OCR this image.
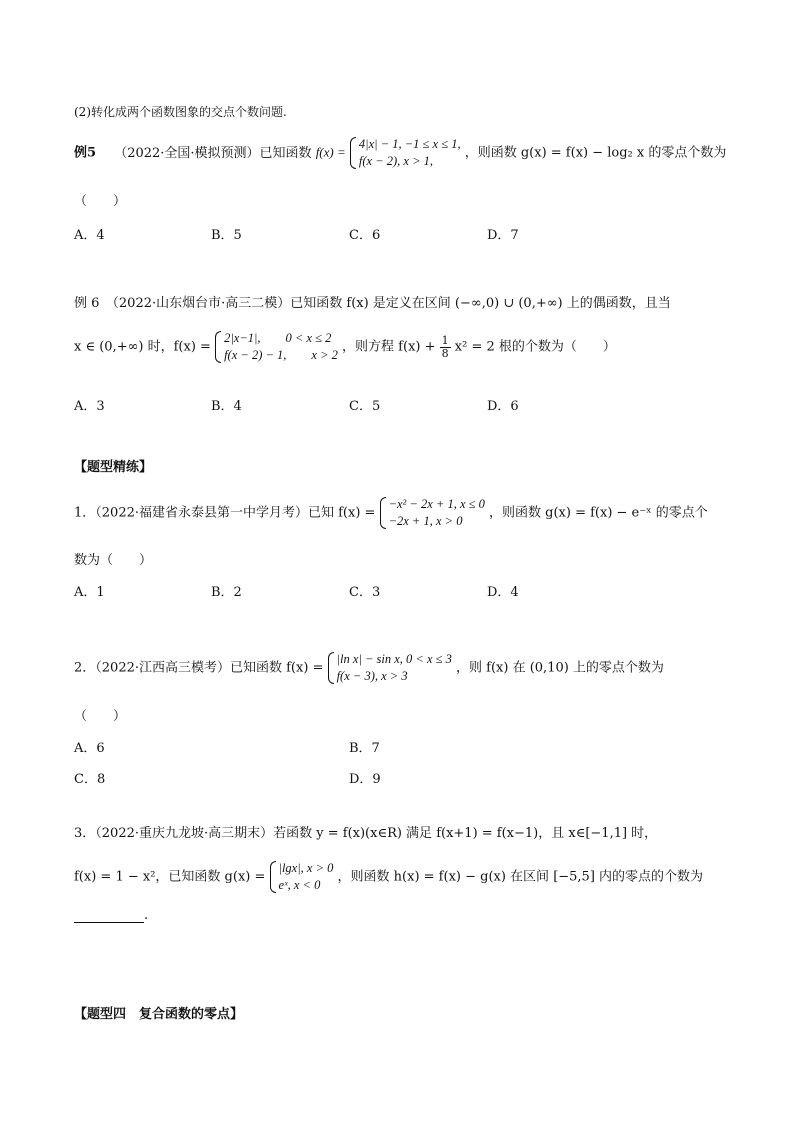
(2)转化成两个函数图象的交点个数问题.
例5 （2022·全国·模拟预测）已知函数 f(x) =
4|x| − 1, −1 ≤ x ≤ 1,
f(x − 2), x > 1,
，则函数 g(x) = f(x) − log₂ x 的零点个数为
（　　）
A．4	B．5	C．6	D．7
例 6　（2022·山东烟台市·高三二模）已知函数 f(x) 是定义在区间 (−∞,0) ∪ (0,+∞) 上的偶函数，且当
x ∈ (0,+∞) 时，f(x) =
2|x−1|,　　0 < x ≤ 2
f(x − 2) − 1,　　x > 2
，则方程 $f(x) + \frac{1}{8} x^2 = 2$ 根的个数为（　　）
A．3	B．4	C．5	D．6
【题型精练】
1．（2022·福建省永泰县第一中学月考）已知 f(x) =
−x² − 2x + 1, x ≤ 0
−2x + 1, x > 0
，则函数 g(x) = f(x) − e⁻ˣ 的零点个
数为（　　）
A．1	B．2	C．3	D．4
2．（2022·江西高三模考）已知函数 f(x) =
|ln x| − sin x, 0 < x ≤ 3
f(x − 3), x > 3
，则 f(x) 在 (0,10) 上的零点个数为
（　　）
A．6	B．7
C．8	D．9
3．（2022·重庆九龙坡·高三期末）若函数 y = f(x)(x∈R) 满足 f(x+1) = f(x−1)，且 x∈[−1,1] 时，
f(x) = 1 − x²，已知函数 g(x) =
|lgx|, x > 0
eˣ, x < 0
，则函数 h(x) = f(x) − g(x) 在区间 [−5,5] 内的零点的个数为
.
【题型四　复合函数的零点】
